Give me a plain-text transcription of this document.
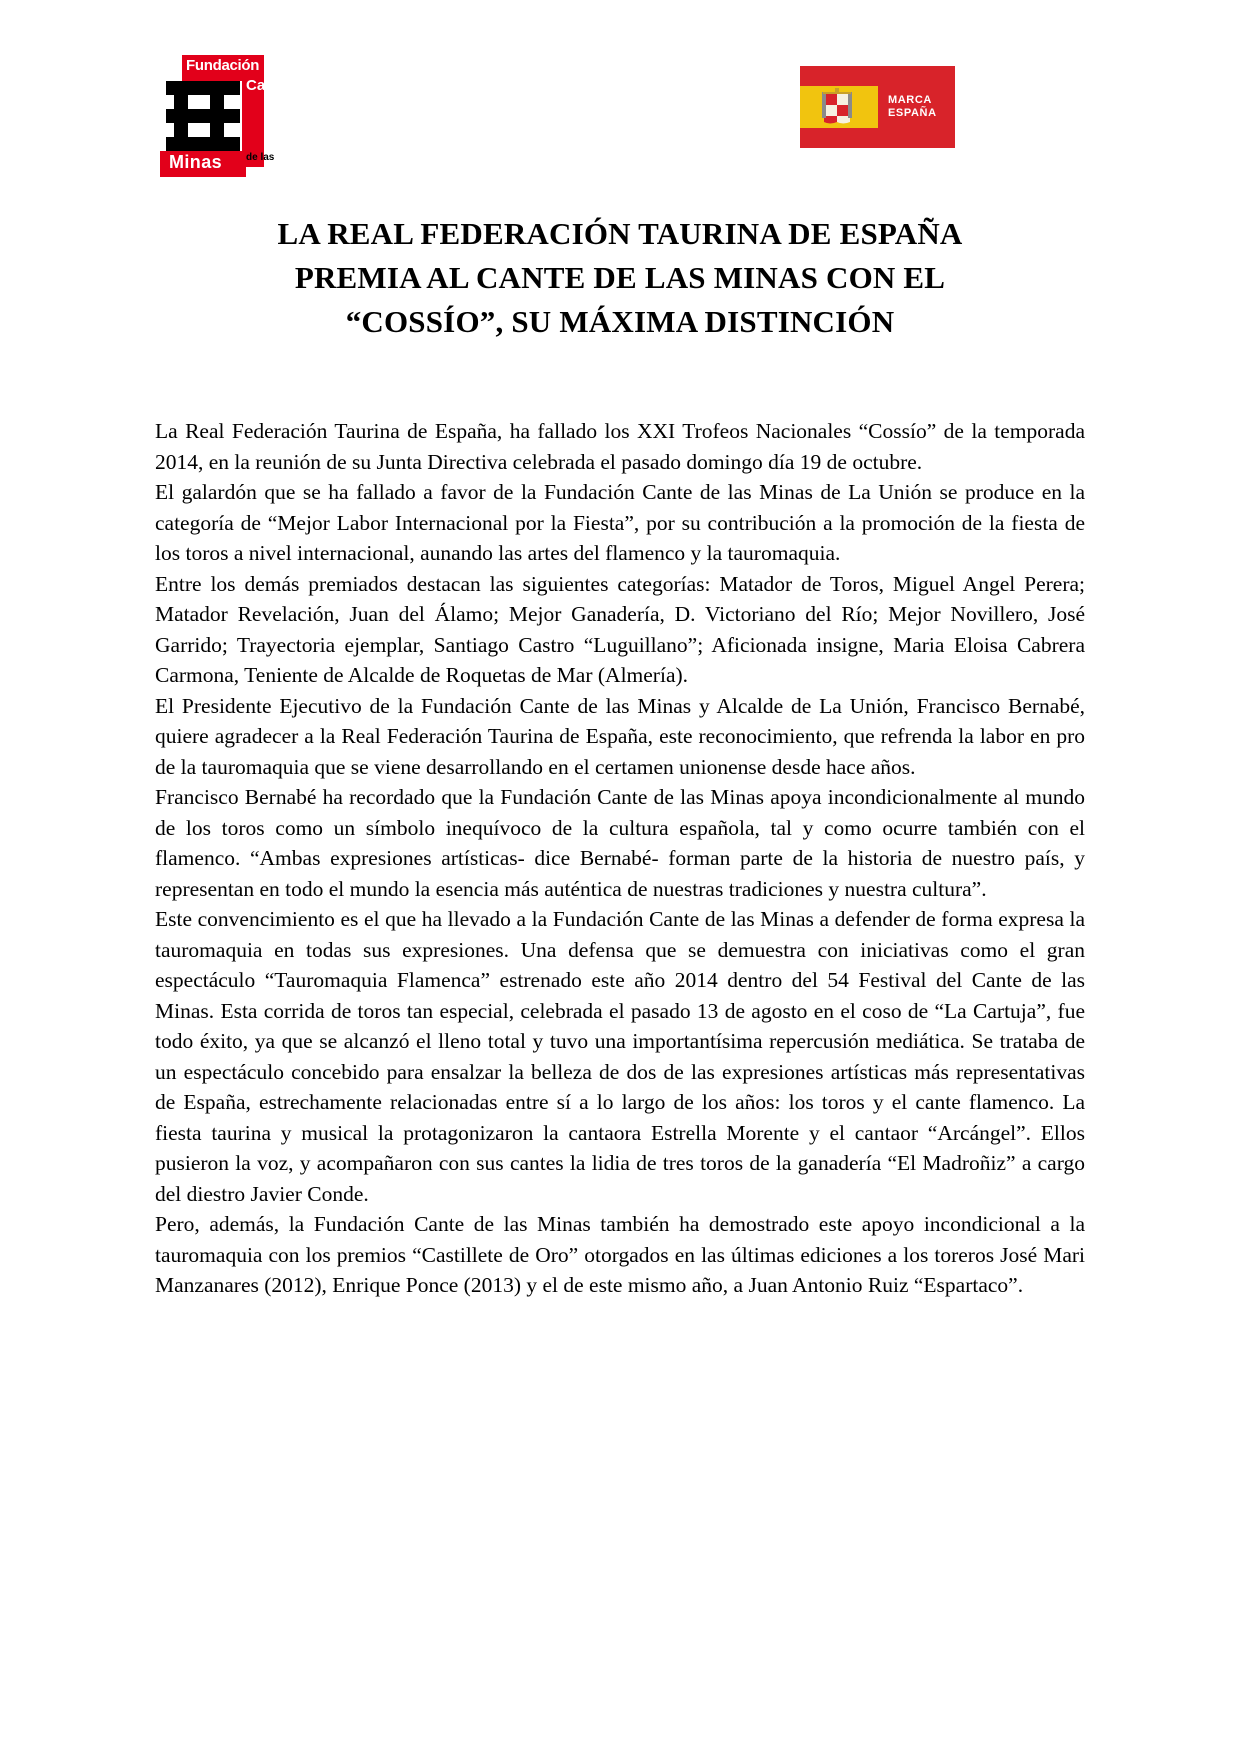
Fundación
Cante
de las
Minas
MARCA
ESPAÑA
LA REAL FEDERACIÓN TAURINA DE ESPAÑA
PREMIA AL CANTE DE LAS MINAS CON EL
“COSSÍO”, SU MÁXIMA DISTINCIÓN

La Real Federación Taurina de España, ha fallado los XXI Trofeos Nacionales “Cossío” de la temporada 2014, en la reunión de su Junta Directiva celebrada el pasado domingo día 19 de octubre.

El galardón que se ha fallado a favor de la Fundación Cante de las Minas de La Unión se produce en la categoría de “Mejor Labor Internacional por la Fiesta”, por su contribución a la promoción de la fiesta de los toros a nivel internacional, aunando las artes del flamenco y la tauromaquia.

Entre los demás premiados destacan las siguientes categorías: Matador de Toros, Miguel Angel Perera; Matador Revelación, Juan del Álamo; Mejor Ganadería, D. Victoriano del Río; Mejor Novillero, José Garrido; Trayectoria ejemplar, Santiago Castro “Luguillano”; Aficionada insigne, Maria Eloisa Cabrera Carmona, Teniente de Alcalde de Roquetas de Mar (Almería).

El Presidente Ejecutivo de la Fundación Cante de las Minas y Alcalde de La Unión, Francisco Bernabé, quiere agradecer a la Real Federación Taurina de España, este reconocimiento, que refrenda la labor en pro de la tauromaquia que se viene desarrollando en el certamen unionense desde hace años.

Francisco Bernabé ha recordado que la Fundación Cante de las Minas apoya incondicionalmente al mundo de los toros como un símbolo inequívoco de la cultura española, tal y como ocurre también con el flamenco. “Ambas expresiones artísticas- dice Bernabé- forman parte de la historia de nuestro país, y representan en todo el mundo la esencia más auténtica de nuestras tradiciones y nuestra cultura”.

Este convencimiento es el que ha llevado a la Fundación Cante de las Minas a defender de forma expresa la tauromaquia en todas sus expresiones. Una defensa que se demuestra con iniciativas como el gran espectáculo “Tauromaquia Flamenca” estrenado este año 2014 dentro del 54 Festival del Cante de las Minas. Esta corrida de toros tan especial, celebrada el pasado 13 de agosto en el coso de “La Cartuja”, fue todo éxito, ya que se alcanzó el lleno total y tuvo una importantísima repercusión mediática. Se trataba de un espectáculo concebido para ensalzar la belleza de dos de las expresiones artísticas más representativas de España, estrechamente relacionadas entre sí a lo largo de los años: los toros y el cante flamenco. La fiesta taurina y musical la protagonizaron la cantaora Estrella Morente y el cantaor “Arcángel”. Ellos pusieron la voz, y acompañaron con sus cantes la lidia de tres toros de la ganadería “El Madroñiz” a cargo del diestro Javier Conde.

Pero, además, la Fundación Cante de las Minas también ha demostrado este apoyo incondicional a la tauromaquia con los premios “Castillete de Oro” otorgados en las últimas ediciones a los toreros José Mari Manzanares (2012), Enrique Ponce (2013) y el de este mismo año, a Juan Antonio Ruiz “Espartaco”.
